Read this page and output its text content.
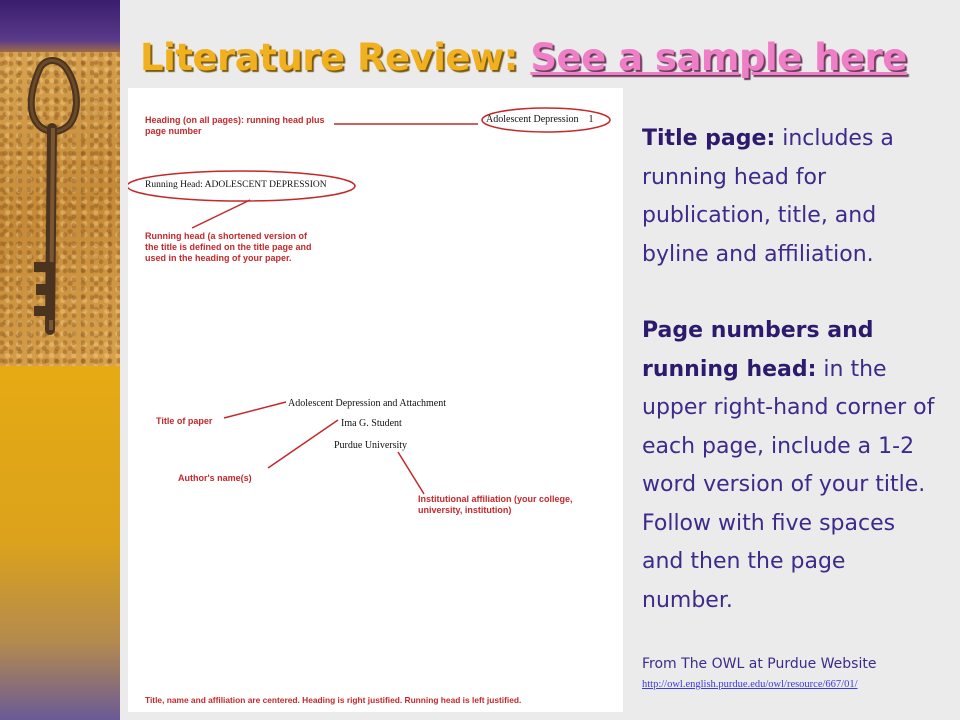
Literature Review: See a sample here
Heading (on all pages): running head plus page number
Adolescent Depression 1
Running Head: ADOLESCENT DEPRESSION
Running head (a shortened version of the title is defined on the title page and used in the heading of your paper.
Adolescent Depression and Attachment
Title of paper	Ima G. Student
Purdue University
Author's name(s)
Institutional affiliation (your college, university, institution)
Title, name and affiliation are centered. Heading is right justified. Running head is left justified.

Title page: includes a running head for publication, title, and byline and affiliation.

Page numbers and running head: in the upper right-hand corner of each page, include a 1-2 word version of your title. Follow with five spaces and then the page number.

From The OWL at Purdue Website
http://owl.english.purdue.edu/owl/resource/667/01/
